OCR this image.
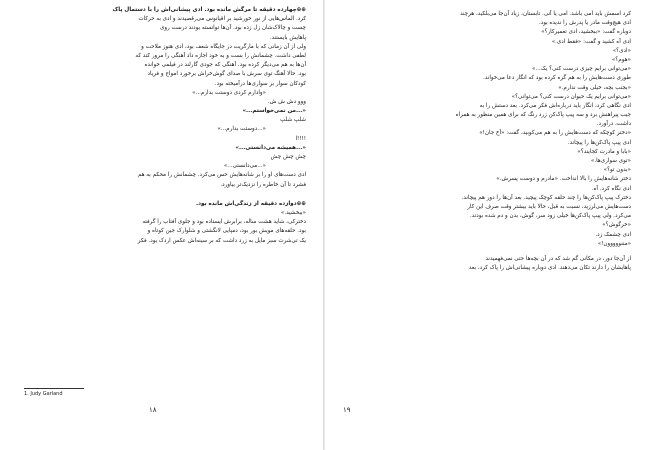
⊕⊕چهارده دقیقه تا مرگش مانده بود. ادی پیشانی‌اش را با دستمال پاک
کرد. الماس‌هایی از نور خورشید بر اقیانوس می‌رقصیدند و ادی به حرکات
چست و چالاک‌شان زل زده بود. آن‌ها توانسته بودند درست روی
پاهایش بایستند.
ولی از آن زمانی که با مارگریت در جایگاه شعف بود، ادی هنوز ملاحت و
لطفی داشت. چشمانش را بست و به خود اجازه داد آهنگی را مرور کند که
آن‌ها به هم می‌دیگر کرده بود. آهنگی که جودی گارلند در فیلمی خوانده
بود. حالا آهنگ توی سرش با صدای گوش‌خراش برخورد امواج و فریاد
کودکان سوار بر سواری‌ها درآمیخته بود.
«وادارم کردی دوستت بدارم...»
ووو دش ش ش.
«...من نمی‌خواستم...»
شلپ شلپ
«...دوستت بدارم...»
!!!!ا
«...همیشه می‌دانستی...»
چش چش چش
«...می‌دانستی...»
ادی دست‌های او را بر شانه‌هایش حس می‌کرد. چشمانش را محکم به هم
فشرد تا آن خاطره را نزدیک‌تر بیاورد.
⊕⊕دوازده دقیقه از زندگی‌اش مانده بود.
«ببخشید.»
دخترکی، شاید هشت ساله، برابرش ایستاده بود و جلوی آفتاب را گرفته
بود. حلقه‌های مویش بور بود، دمپایی لانگشتی و شلوارک جین کوتاه و
یک تی‌شرت سبز مایل به زرد داشت که بر سینه‌اش عکس اردک بود. فکر
1. Judy Garland
۱۸
کرد اسمش باید امی باشد. امی یا آنی. تابستان، زیاد آن‌جا می‌بلکید، هرچند
ادی هیچ‌وقت مادر یا پدرش را ندیده بود.
دوباره گفت: «ببخشید، ادی تعمیرکار؟»
ادی آه کشید و گفت: «فقط ادی.»
«ادی؟»
«هوم؟»
«می‌توانی برایم چیزی درست کنی؟ یک...»
طوری دست‌هایش را به هم گره کرده بود که انگار دعا می‌خواند.
«بجنب بچه، خیلی وقت ندارم.»
«می‌توانی برایم یک حیوان درست کنی؟ می‌توانی؟»
ادی نگاهی کرد، انگار باید درباره‌اش فکر می‌کرد. بعد دستش را به
جیب پیراهنش برد و سه پیپ پاک‌کن زرد رنگ که برای همین منظور به همراه
داشت، درآورد.
«دختر کوچکه که دست‌هایش را به هم می‌کوبید، گفت: «آخ جان!»
ادی پیپ پاک‌کن‌ها را پیچاند.
«بابا و مادرت کجایند؟»
«توی سواری‌ها.»
«بدون تو؟»
دختر شانه‌هایش را بالا انداخت. «مادرم و دوست پسرش.»
ادی نگاه کرد. آه.
دخترک پیپ پاک‌کن‌ها را چند حلقه کوچک پیچید. بعد آن‌ها را دور هم پیچاند.
دست‌هایش می‌لرزید، نسبت به قبل، حالا باید بیشتر وقت صرف این کار
می‌کرد. ولی پیپ پاک‌کن‌ها خیلی زود سر، گوش، بدن و دم شده بودند.
«خرگوش؟»
ادی چشمک زد.
«مننووووون!»
از آن‌جا دور، در مکانی گم شد که در آن بچه‌ها حتی نمی‌فهمیدند
پاهایشان را دارند تکان می‌دهند. ادی دوباره پیشانی‌اش را پاک کرد، بعد
۱۹
